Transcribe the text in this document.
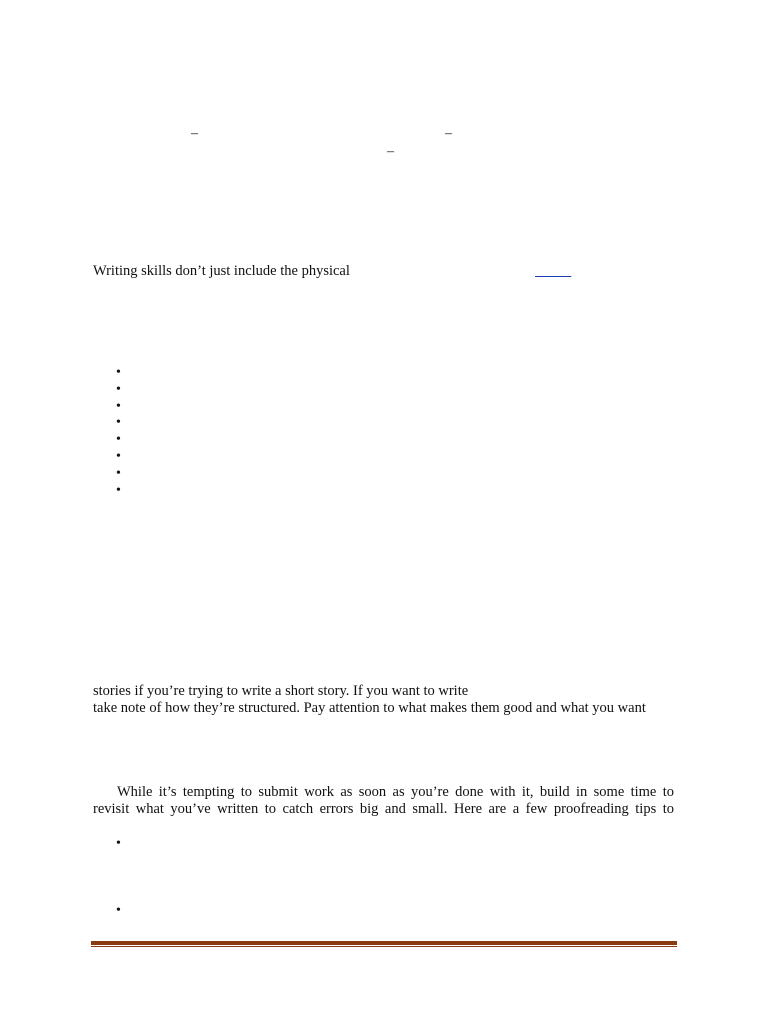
–	–
–
Writing skills don’t just include the physical

•
•
•
•
•
•
•
•
stories if you’re trying to write a short story. If you want to write
take note of how they’re structured. Pay attention to what makes them good and what you want
While it’s tempting to submit work as soon as you’re done with it, build in some time to
revisit what you’ve written to catch errors big and small. Here are a few proofreading tips to
•
•
